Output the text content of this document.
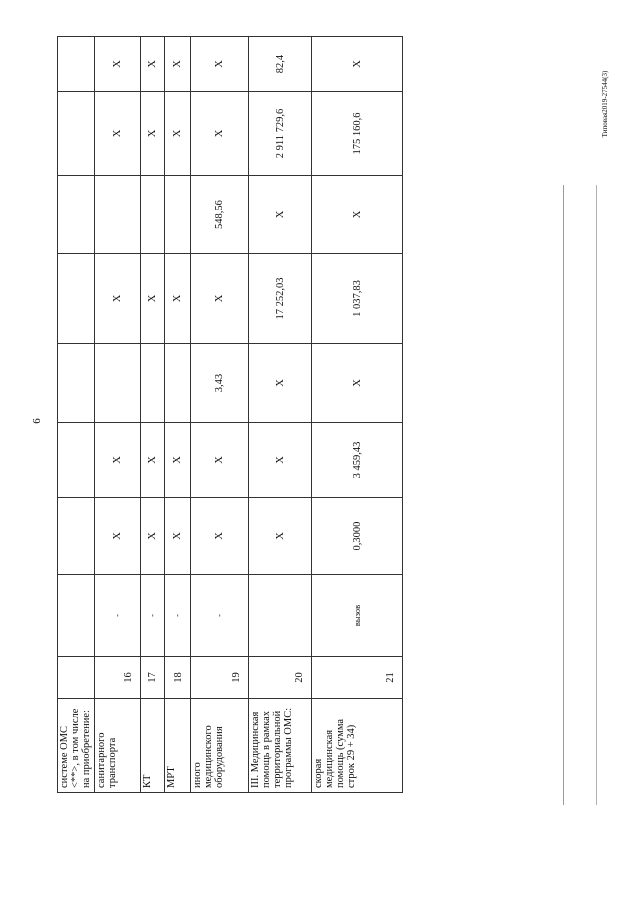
6
Типовая2019-27544(3)
системе ОМС <**>, в том числе на приобретение:									
санитарного транспорта	16	-	X	X		X		X	X
КТ	17	-	X	X		X		X	X
МРТ	18	-	X	X		X		X	X
иного медицинского оборудования	19	-	X	X	3,43	X	548,56	X	X
III. Медицинская помощь в рамках территориальной программы ОМС:	20		X	X	X	17 252,03	X	2 911 729,6	82,4
скорая медицинская помощь (сумма строк 29 + 34)	21	вызов	0,3000	3 459,43	X	1 037,83	X	175 160,6	X
